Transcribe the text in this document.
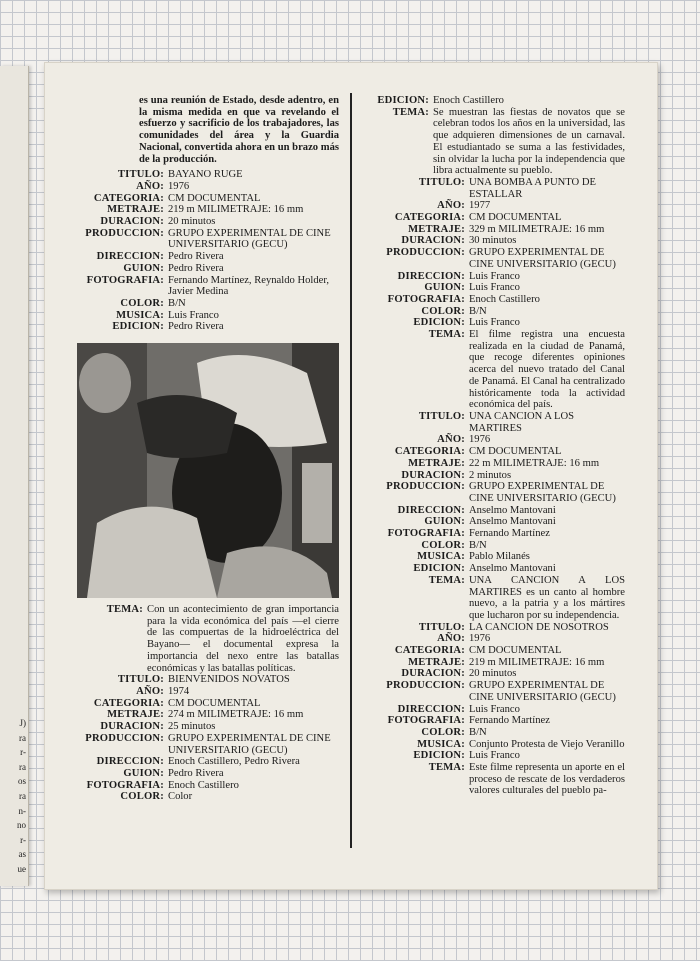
J)
ra
r-
ra
os
ra
n-
no
r-
as
ue
es una reunión de Estado, desde adentro, en la misma medida en que va revelando el esfuerzo y sacrificio de los trabajadores, las comunidades del área y la Guardia Nacional, convertida ahora en un brazo más de la producción.
TITULO: BAYANO RUGE
AÑO: 1976
CATEGORIA: CM DOCUMENTAL
METRAJE: 219 m MILIMETRAJE: 16 mm
DURACION: 20 minutos
PRODUCCION: GRUPO EXPERIMENTAL DE CINE UNIVERSITARIO (GECU)
DIRECCION: Pedro Rivera
GUION: Pedro Rivera
FOTOGRAFIA: Fernando Martínez, Reynaldo Holder, Javier Medina
COLOR: B/N
MUSICA: Luis Franco
EDICION: Pedro Rivera
TEMA: Con un acontecimiento de gran importancia para la vida económica del país —el cierre de las compuertas de la hidroeléctrica del Bayano— el documental expresa la importancia del nexo entre las batallas económicas y las batallas políticas.
TITULO: BIENVENIDOS NOVATOS
AÑO: 1974
CATEGORIA: CM DOCUMENTAL
METRAJE: 274 m MILIMETRAJE: 16 mm
DURACION: 25 minutos
PRODUCCION: GRUPO EXPERIMENTAL DE CINE UNIVERSITARIO (GECU)
DIRECCION: Enoch Castillero, Pedro Rivera
GUION: Pedro Rivera
FOTOGRAFIA: Enoch Castillero
COLOR: Color
EDICION: Enoch Castillero
TEMA: Se muestran las fiestas de novatos que se celebran todos los años en la universidad, las que adquieren dimensiones de un carnaval. El estudiantado se suma a las festividades, sin olvidar la lucha por la independencia que libra actualmente su pueblo.
TITULO: UNA BOMBA A PUNTO DE ESTALLAR
AÑO: 1977
CATEGORIA: CM DOCUMENTAL
METRAJE: 329 m MILIMETRAJE: 16 mm
DURACION: 30 minutos
PRODUCCION: GRUPO EXPERIMENTAL DE CINE UNIVERSITARIO (GECU)
DIRECCION: Luis Franco
GUION: Luis Franco
FOTOGRAFIA: Enoch Castillero
COLOR: B/N
EDICION: Luis Franco
TEMA: El filme registra una encuesta realizada en la ciudad de Panamá, que recoge diferentes opiniones acerca del nuevo tratado del Canal de Panamá. El Canal ha centralizado históricamente toda la actividad económica del país.
TITULO: UNA CANCION A LOS MARTIRES
AÑO: 1976
CATEGORIA: CM DOCUMENTAL
METRAJE: 22 m MILIMETRAJE: 16 mm
DURACION: 2 minutos
PRODUCCION: GRUPO EXPERIMENTAL DE CINE UNIVERSITARIO (GECU)
DIRECCION: Anselmo Mantovani
GUION: Anselmo Mantovani
FOTOGRAFIA: Fernando Martínez
COLOR: B/N
MUSICA: Pablo Milanés
EDICION: Anselmo Mantovani
TEMA: UNA CANCION A LOS MARTIRES es un canto al hombre nuevo, a la patria y a los mártires que lucharon por su independencia.
TITULO: LA CANCION DE NOSOTROS
AÑO: 1976
CATEGORIA: CM DOCUMENTAL
METRAJE: 219 m MILIMETRAJE: 16 mm
DURACION: 20 minutos
PRODUCCION: GRUPO EXPERIMENTAL DE CINE UNIVERSITARIO (GECU)
DIRECCION: Luis Franco
FOTOGRAFIA: Fernando Martínez
COLOR: B/N
MUSICA: Conjunto Protesta de Viejo Veranillo
EDICION: Luis Franco
TEMA: Este filme representa un aporte en el proceso de rescate de los verdaderos valores culturales del pueblo pa-
